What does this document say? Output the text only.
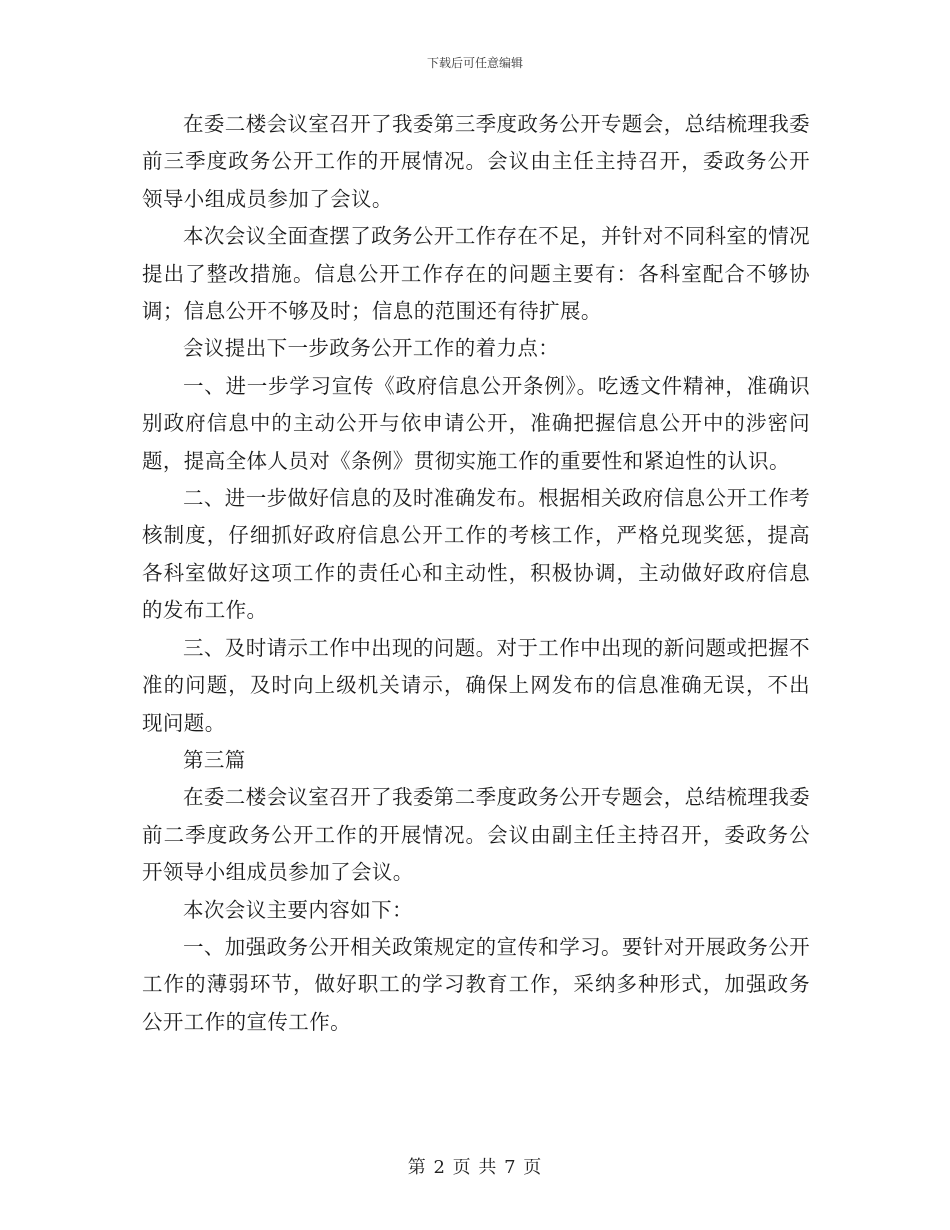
下载后可任意编辑

在委二楼会议室召开了我委第三季度政务公开专题会，总结梳理我委前三季度政务公开工作的开展情况。会议由主任主持召开，委政务公开领导小组成员参加了会议。

本次会议全面查摆了政务公开工作存在不足，并针对不同科室的情况提出了整改措施。信息公开工作存在的问题主要有：各科室配合不够协调；信息公开不够及时；信息的范围还有待扩展。

会议提出下一步政务公开工作的着力点：

一、进一步学习宣传《政府信息公开条例》。吃透文件精神，准确识别政府信息中的主动公开与依申请公开，准确把握信息公开中的涉密问题，提高全体人员对《条例》贯彻实施工作的重要性和紧迫性的认识。

二、进一步做好信息的及时准确发布。根据相关政府信息公开工作考核制度，仔细抓好政府信息公开工作的考核工作，严格兑现奖惩，提高各科室做好这项工作的责任心和主动性，积极协调，主动做好政府信息的发布工作。

三、及时请示工作中出现的问题。对于工作中出现的新问题或把握不准的问题，及时向上级机关请示，确保上网发布的信息准确无误，不出现问题。

第三篇

在委二楼会议室召开了我委第二季度政务公开专题会，总结梳理我委前二季度政务公开工作的开展情况。会议由副主任主持召开，委政务公开领导小组成员参加了会议。

本次会议主要内容如下：

一、加强政务公开相关政策规定的宣传和学习。要针对开展政务公开工作的薄弱环节，做好职工的学习教育工作，采纳多种形式，加强政务公开工作的宣传工作。

第 2 页 共 7 页
